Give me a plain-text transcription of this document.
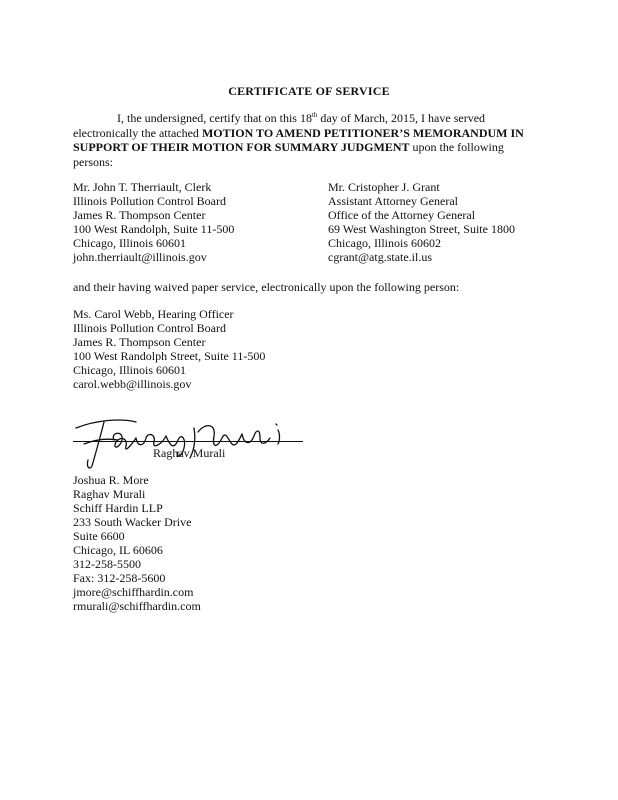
CERTIFICATE OF SERVICE
I, the undersigned, certify that on this 18th day of March, 2015, I have served
electronically the attached MOTION TO AMEND PETITIONER’S MEMORANDUM IN
SUPPORT OF THEIR MOTION FOR SUMMARY JUDGMENT upon the following
persons:
Mr. John T. Therriault, Clerk
Illinois Pollution Control Board
James R. Thompson Center
100 West Randolph, Suite 11-500
Chicago, Illinois 60601
john.therriault@illinois.gov
Mr. Cristopher J. Grant
Assistant Attorney General
Office of the Attorney General
69 West Washington Street, Suite 1800
Chicago, Illinois 60602
cgrant@atg.state.il.us
and their having waived paper service, electronically upon the following person:
Ms. Carol Webb, Hearing Officer
Illinois Pollution Control Board
James R. Thompson Center
100 West Randolph Street, Suite 11-500
Chicago, Illinois 60601
carol.webb@illinois.gov
Raghav Murali
Joshua R. More
Raghav Murali
Schiff Hardin LLP
233 South Wacker Drive
Suite 6600
Chicago, IL 60606
312-258-5500
Fax: 312-258-5600
jmore@schiffhardin.com
rmurali@schiffhardin.com
